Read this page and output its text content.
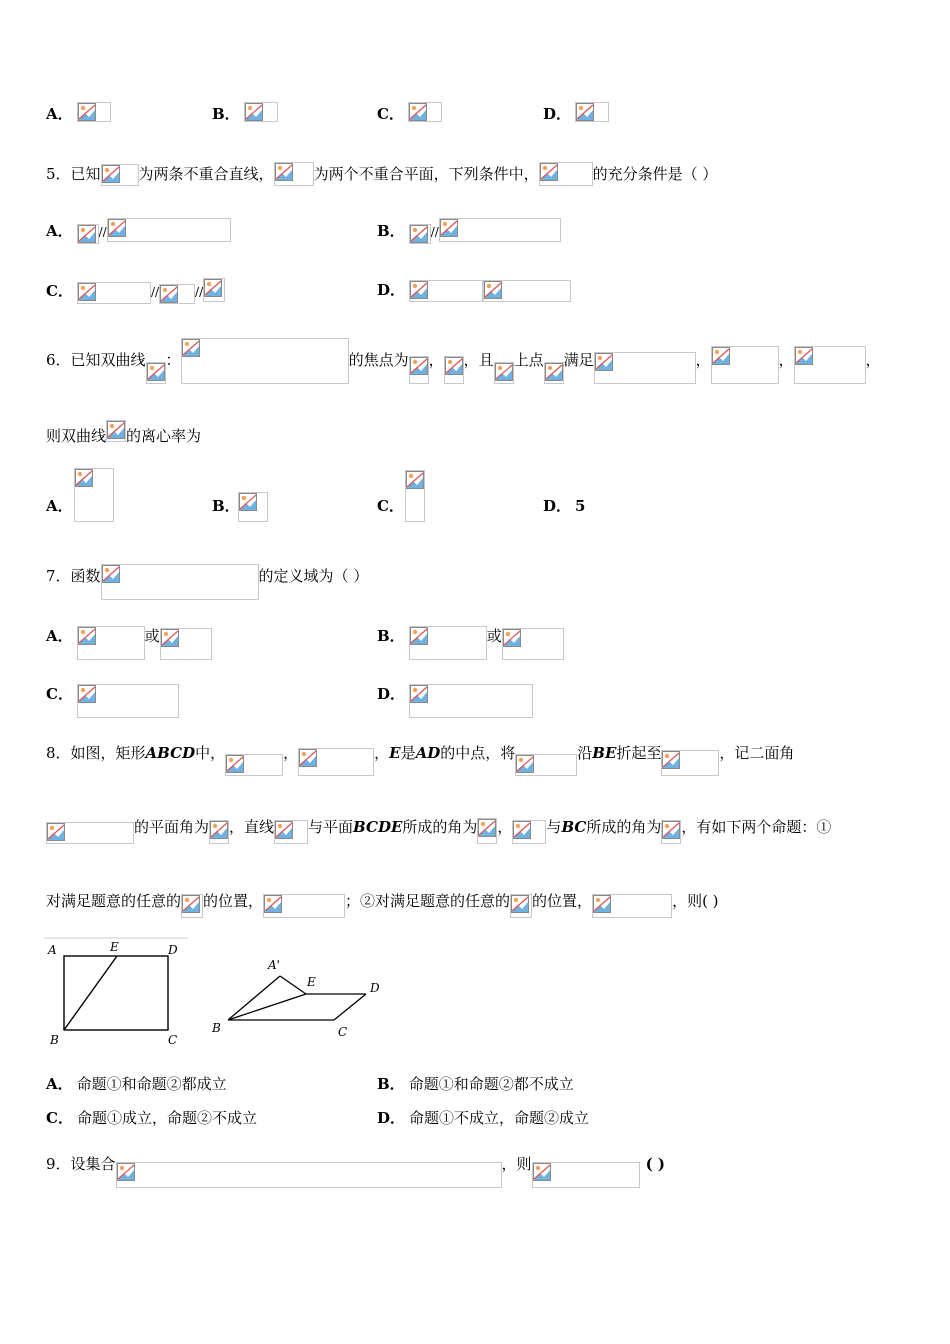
A．	B．	C．	D．
5．已知	为两条不重合直线，	为两个不重合平面，下列条件中，	的充分条件是（ ）
A． //	B． //
C．	//	//	D．
6．已知双曲线 ：	的焦点为 ， ，且 上点 满足	，	，	，
则双曲线 的离心率为
A．	B．	C．	D． 5
7．函数	的定义域为（ ）
A．	或	B．	或
C．	D．
8．如图，矩形ABCD中，	，	，E是AD的中点，将	沿BE折起至	，记二面角
的平面角为 ，直线 与平面BCDE所成的角为 ， 与BC所成的角为 ，有如下两个命题：①
对满足题意的任意的 的位置，	；②对满足题意的任意的 的位置，	，则( )
A	E	D
B	C
A'
E	D
B	C
A． 命题①和命题②都成立	B． 命题①和命题②都不成立
C． 命题①成立，命题②不成立	D． 命题①不成立，命题②成立
9．设集合	，则	( )
